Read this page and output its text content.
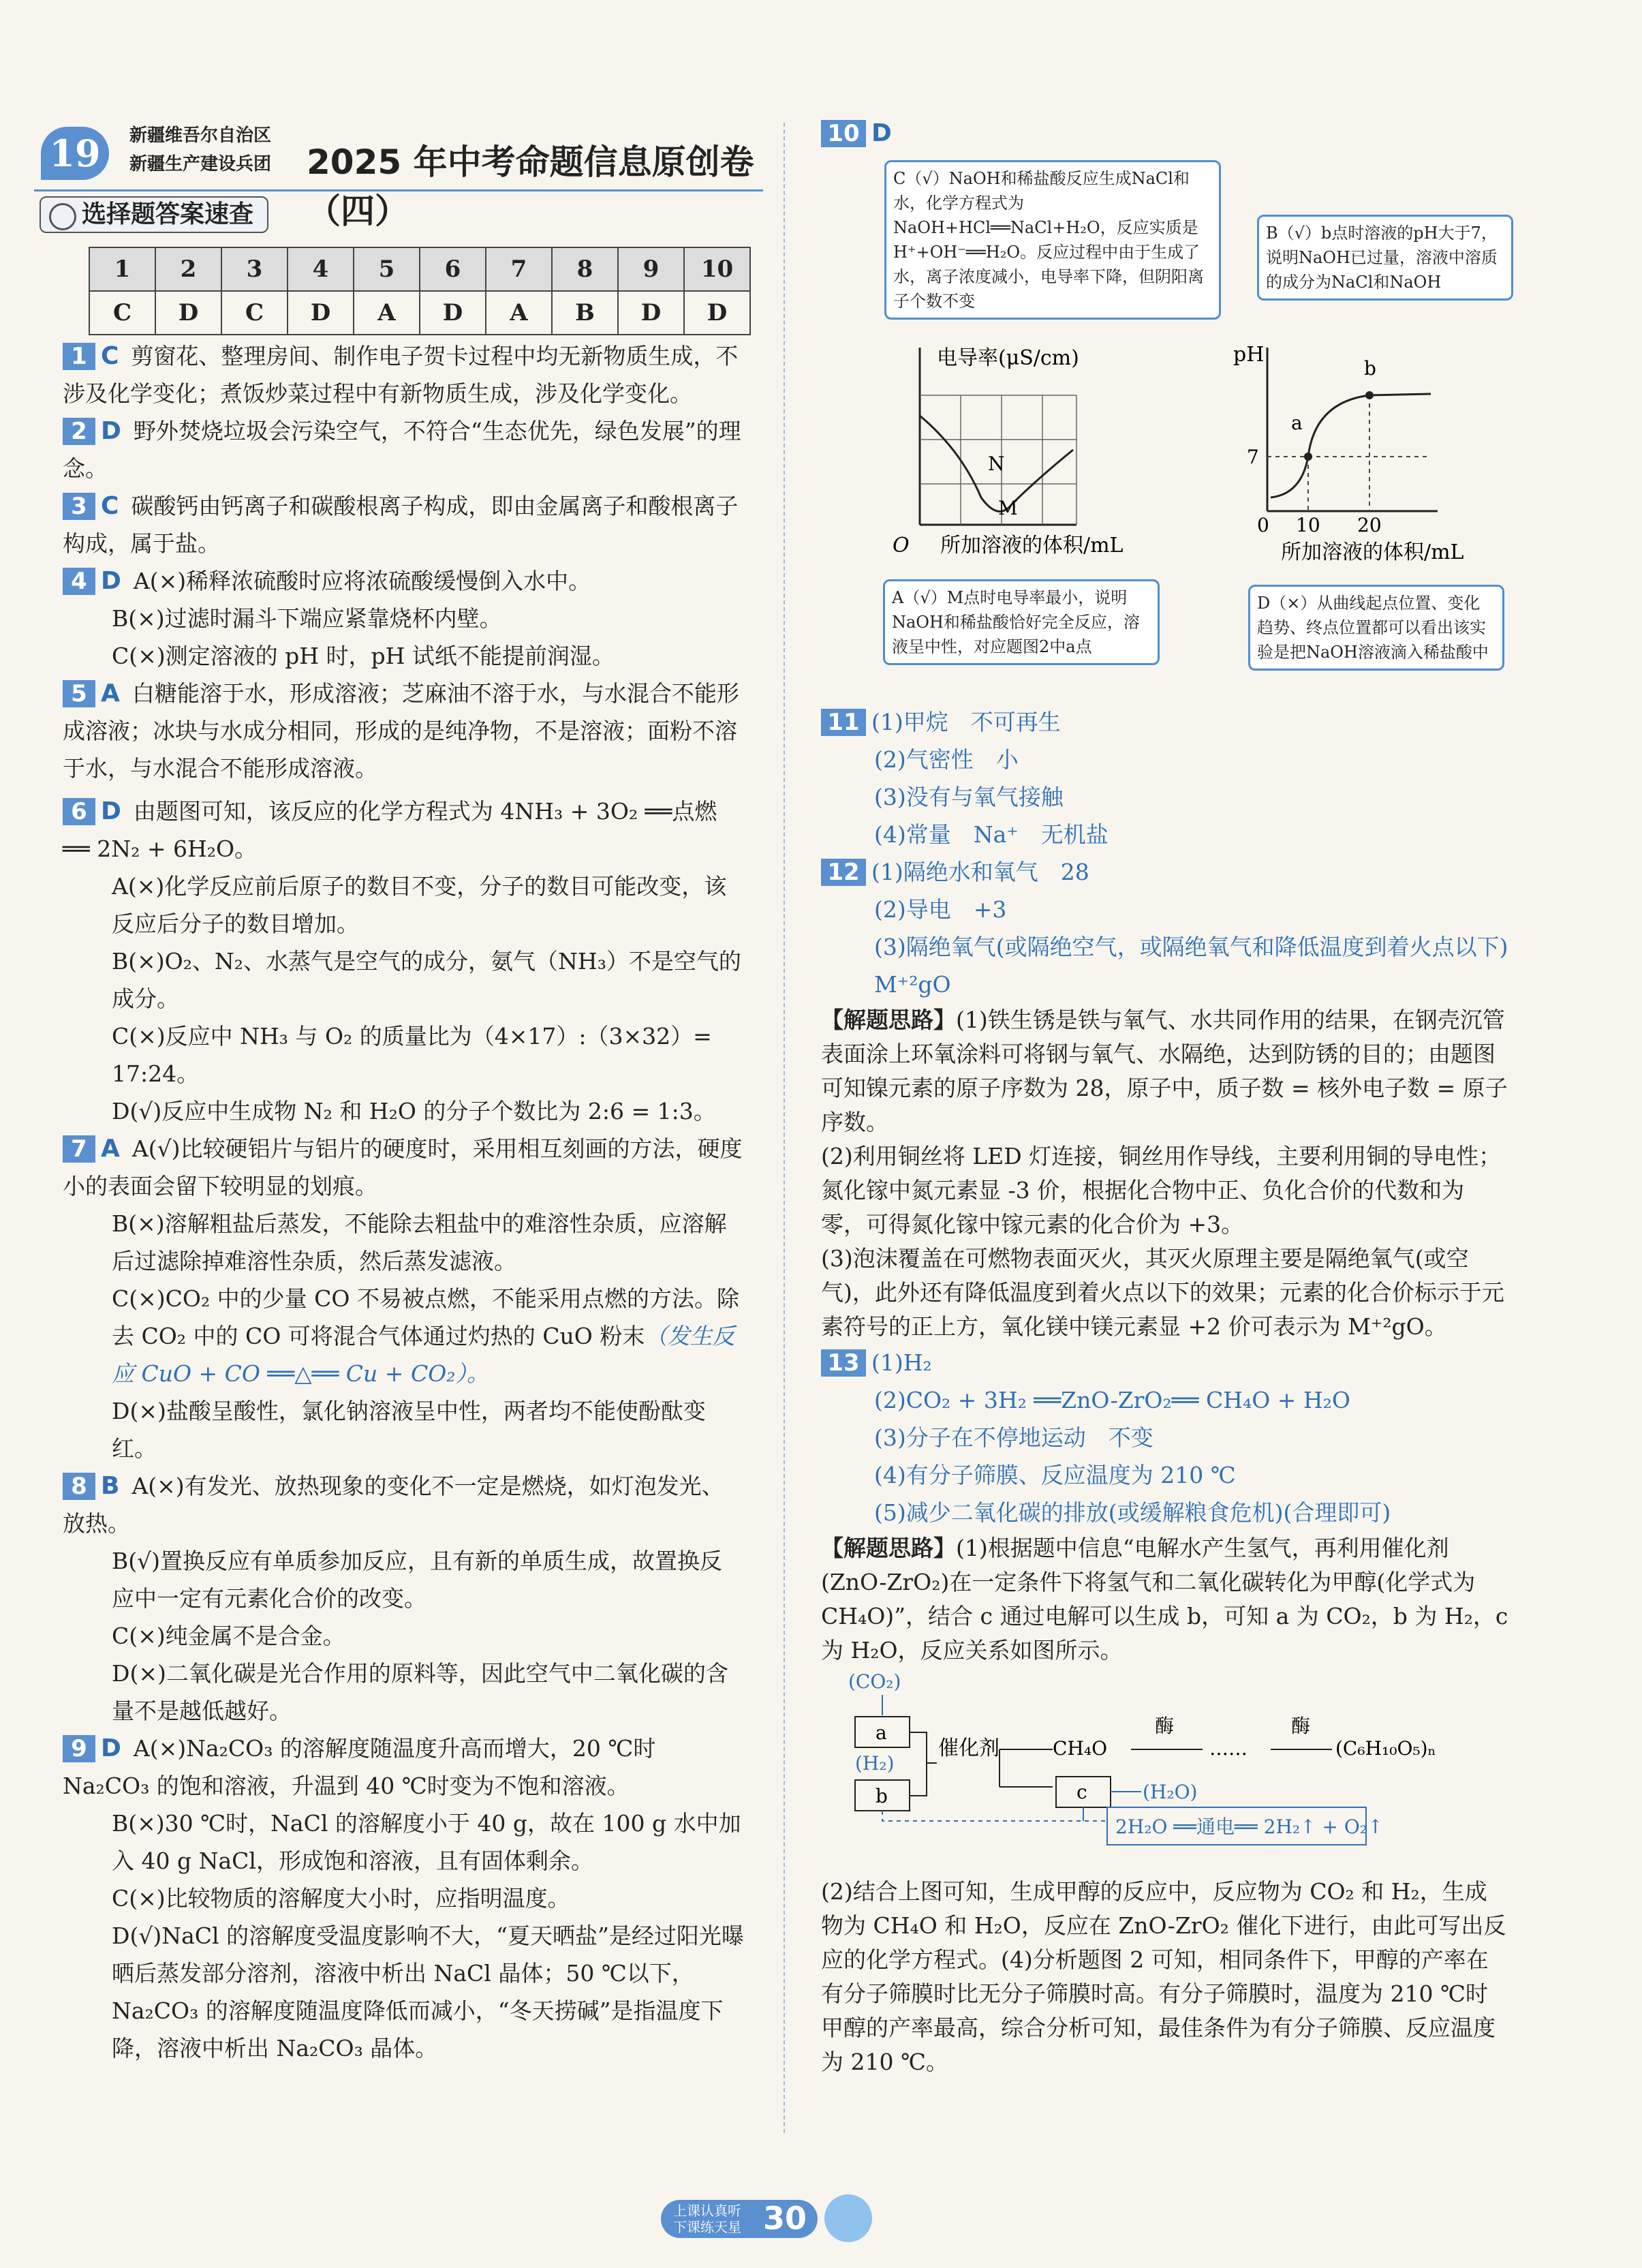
19	新疆维吾尔自治区
新疆生产建设兵团 2025 年中考命题信息原创卷（四）
选择题答案速查
1	2	3	4	5	6	7	8	9	10
C	D	C	D	A	D	A	B	D	D
1 C 剪窗花、整理房间、制作电子贺卡过程中均无新物质生成，不涉及化学变化；煮饭炒菜过程中有新物质生成，涉及化学变化。
2 D 野外焚烧垃圾会污染空气，不符合“生态优先，绿色发展”的理念。
3 C 碳酸钙由钙离子和碳酸根离子构成，即由金属离子和酸根离子构成，属于盐。
4 D A(×)稀释浓硫酸时应将浓硫酸缓慢倒入水中。
B(×)过滤时漏斗下端应紧靠烧杯内壁。
C(×)测定溶液的 pH 时，pH 试纸不能提前润湿。
5 A 白糖能溶于水，形成溶液；芝麻油不溶于水，与水混合不能形成溶液；冰块与水成分相同，形成的是纯净物，不是溶液；面粉不溶于水，与水混合不能形成溶液。
6 D 由题图可知，该反应的化学方程式为 4NH₃ + 3O₂ ══点燃══ 2N₂ + 6H₂O。
A(×)化学反应前后原子的数目不变，分子的数目可能改变，该反应后分子的数目增加。
B(×)O₂、N₂、水蒸气是空气的成分，氨气（NH₃）不是空气的成分。
C(×)反应中 NH₃ 与 O₂ 的质量比为（4×17）:（3×32）= 17:24。
D(√)反应中生成物 N₂ 和 H₂O 的分子个数比为 2:6 = 1:3。
7 A A(√)比较硬铝片与铝片的硬度时，采用相互刻画的方法，硬度小的表面会留下较明显的划痕。
B(×)溶解粗盐后蒸发，不能除去粗盐中的难溶性杂质，应溶解后过滤除掉难溶性杂质，然后蒸发滤液。
C(×)CO₂ 中的少量 CO 不易被点燃，不能采用点燃的方法。除去 CO₂ 中的 CO 可将混合气体通过灼热的 CuO 粉末（发生反应 CuO + CO ══△══ Cu + CO₂）。
D(×)盐酸呈酸性，氯化钠溶液呈中性，两者均不能使酚酞变红。
8 B A(×)有发光、放热现象的变化不一定是燃烧，如灯泡发光、放热。
B(√)置换反应有单质参加反应，且有新的单质生成，故置换反应中一定有元素化合价的改变。
C(×)纯金属不是合金。
D(×)二氧化碳是光合作用的原料等，因此空气中二氧化碳的含量不是越低越好。
9 D A(×)Na₂CO₃ 的溶解度随温度升高而增大，20 ℃时 Na₂CO₃ 的饱和溶液，升温到 40 ℃时变为不饱和溶液。
B(×)30 ℃时，NaCl 的溶解度小于 40 g，故在 100 g 水中加入 40 g NaCl，形成饱和溶液，且有固体剩余。
C(×)比较物质的溶解度大小时，应指明温度。
D(√)NaCl 的溶解度受温度影响不大，“夏天晒盐”是经过阳光曝晒后蒸发部分溶剂，溶液中析出 NaCl 晶体；50 ℃以下，Na₂CO₃ 的溶解度随温度降低而减小，“冬天捞碱”是指温度下降，溶液中析出 Na₂CO₃ 晶体。
10 D
C（√）NaOH和稀盐酸反应生成NaCl和水，化学方程式为NaOH+HCl══NaCl+H₂O，反应实质是H⁺+OH⁻══H₂O。反应过程中由于生成了水，离子浓度减小，电导率下降，但阴阳离子个数不变
B（√）b点时溶液的pH大于7，说明NaOH已过量，溶液中溶质的成分为NaCl和NaOH
电导率(μS/cm)
O 所加溶液的体积/mL
N
M
pH
7
a
b
0 10 20
所加溶液的体积/mL
A（√）M点时电导率最小，说明NaOH和稀盐酸恰好完全反应，溶液呈中性，对应题图2中a点
D（×）从曲线起点位置、变化趋势、终点位置都可以看出该实验是把NaOH溶液滴入稀盐酸中
11 (1)甲烷　不可再生
(2)气密性　小
(3)没有与氧气接触
(4)常量　Na⁺　无机盐
12 (1)隔绝水和氧气　28
(2)导电　+3
(3)隔绝氧气(或隔绝空气，或隔绝氧气和降低温度到着火点以下)　M⁺²gO
【解题思路】(1)铁生锈是铁与氧气、水共同作用的结果，在钢壳沉管表面涂上环氧涂料可将钢与氧气、水隔绝，达到防锈的目的；由题图可知镍元素的原子序数为 28，原子中，质子数 = 核外电子数 = 原子序数。
(2)利用铜丝将 LED 灯连接，铜丝用作导线，主要利用铜的导电性；氮化镓中氮元素显 -3 价，根据化合物中正、负化合价的代数和为零，可得氮化镓中镓元素的化合价为 +3。
(3)泡沫覆盖在可燃物表面灭火，其灭火原理主要是隔绝氧气(或空气)，此外还有降低温度到着火点以下的效果；元素的化合价标示于元素符号的正上方，氧化镁中镁元素显 +2 价可表示为 M⁺²gO。
13 (1)H₂
(2)CO₂ + 3H₂ ══ZnO-ZrO₂══ CH₄O + H₂O
(3)分子在不停地运动　不变
(4)有分子筛膜、反应温度为 210 ℃
(5)减少二氧化碳的排放(或缓解粮食危机)(合理即可)
【解题思路】(1)根据题中信息“电解水产生氢气，再利用催化剂(ZnO-ZrO₂)在一定条件下将氢气和二氧化碳转化为甲醇(化学式为 CH₄O)”，结合 c 通过电解可以生成 b，可知 a 为 CO₂，b 为 H₂，c 为 H₂O，反应关系如图所示。
(CO₂)
a
(H₂)
b
催化剂	CH₄O
酶
……
酶
(C₆H₁₀O₅)ₙ
c	(H₂O)
2H₂O ══通电══ 2H₂↑ + O₂↑
(2)结合上图可知，生成甲醇的反应中，反应物为 CO₂ 和 H₂，生成物为 CH₄O 和 H₂O，反应在 ZnO-ZrO₂ 催化下进行，由此可写出反应的化学方程式。(4)分析题图 2 可知，相同条件下，甲醇的产率在有分子筛膜时比无分子筛膜时高。有分子筛膜时，温度为 210 ℃时甲醇的产率最高，综合分析可知，最佳条件为有分子筛膜、反应温度为 210 ℃。
上课认真听
下课练天星 30
